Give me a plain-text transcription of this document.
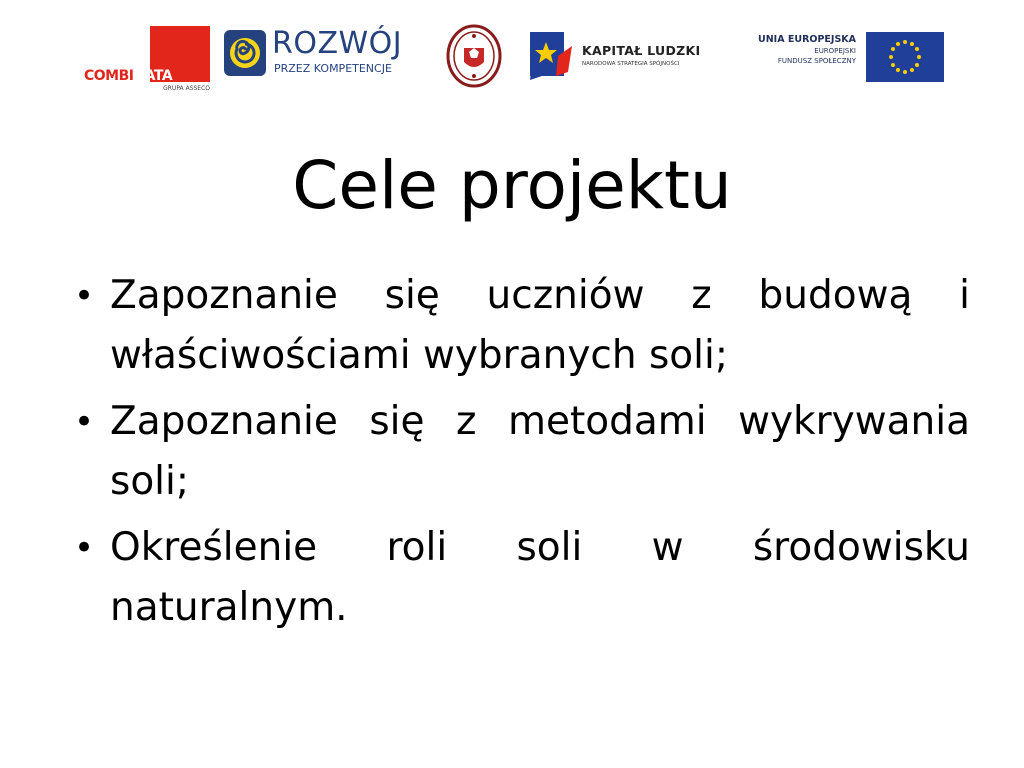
COMBIDATA
GRUPA ASSECO
ROZWÓJ
PRZEZ KOMPETENCJE
KAPITAŁ LUDZKI
NARODOWA STRATEGIA SPÓJNOŚCI
UNIA EUROPEJSKA
EUROPEJSKI
FUNDUSZ SPOŁECZNY
Cele projektu
• Zapoznanie się uczniów z budową i właściwościami wybranych soli;
• Zapoznanie się z metodami wykrywania soli;
• Określenie roli soli w środowisku naturalnym.
